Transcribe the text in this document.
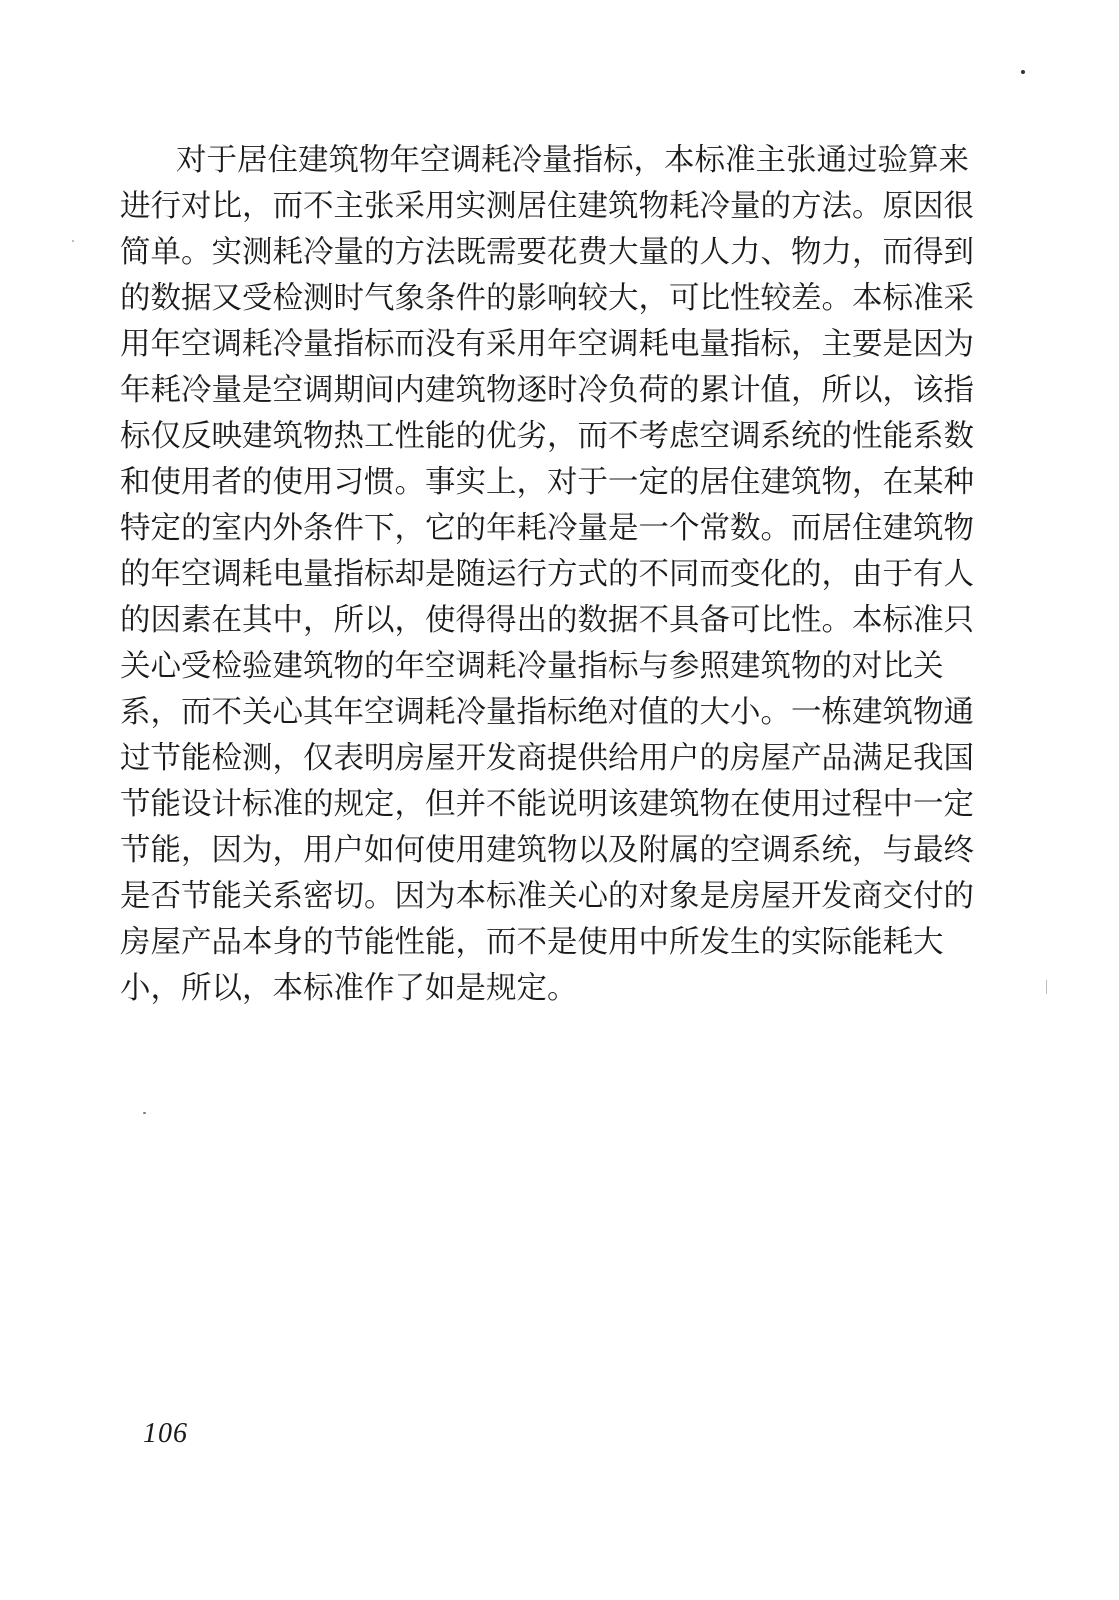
对于居住建筑物年空调耗冷量指标，本标准主张通过验算来
进行对比，而不主张采用实测居住建筑物耗冷量的方法。原因很
简单。实测耗冷量的方法既需要花费大量的人力、物力，而得到
的数据又受检测时气象条件的影响较大，可比性较差。本标准采
用年空调耗冷量指标而没有采用年空调耗电量指标，主要是因为
年耗冷量是空调期间内建筑物逐时冷负荷的累计值，所以，该指
标仅反映建筑物热工性能的优劣，而不考虑空调系统的性能系数
和使用者的使用习惯。事实上，对于一定的居住建筑物，在某种
特定的室内外条件下，它的年耗冷量是一个常数。而居住建筑物
的年空调耗电量指标却是随运行方式的不同而变化的，由于有人
的因素在其中，所以，使得得出的数据不具备可比性。本标准只
关心受检验建筑物的年空调耗冷量指标与参照建筑物的对比关
系，而不关心其年空调耗冷量指标绝对值的大小。一栋建筑物通
过节能检测，仅表明房屋开发商提供给用户的房屋产品满足我国
节能设计标准的规定，但并不能说明该建筑物在使用过程中一定
节能，因为，用户如何使用建筑物以及附属的空调系统，与最终
是否节能关系密切。因为本标准关心的对象是房屋开发商交付的
房屋产品本身的节能性能，而不是使用中所发生的实际能耗大
小，所以，本标准作了如是规定。
106
